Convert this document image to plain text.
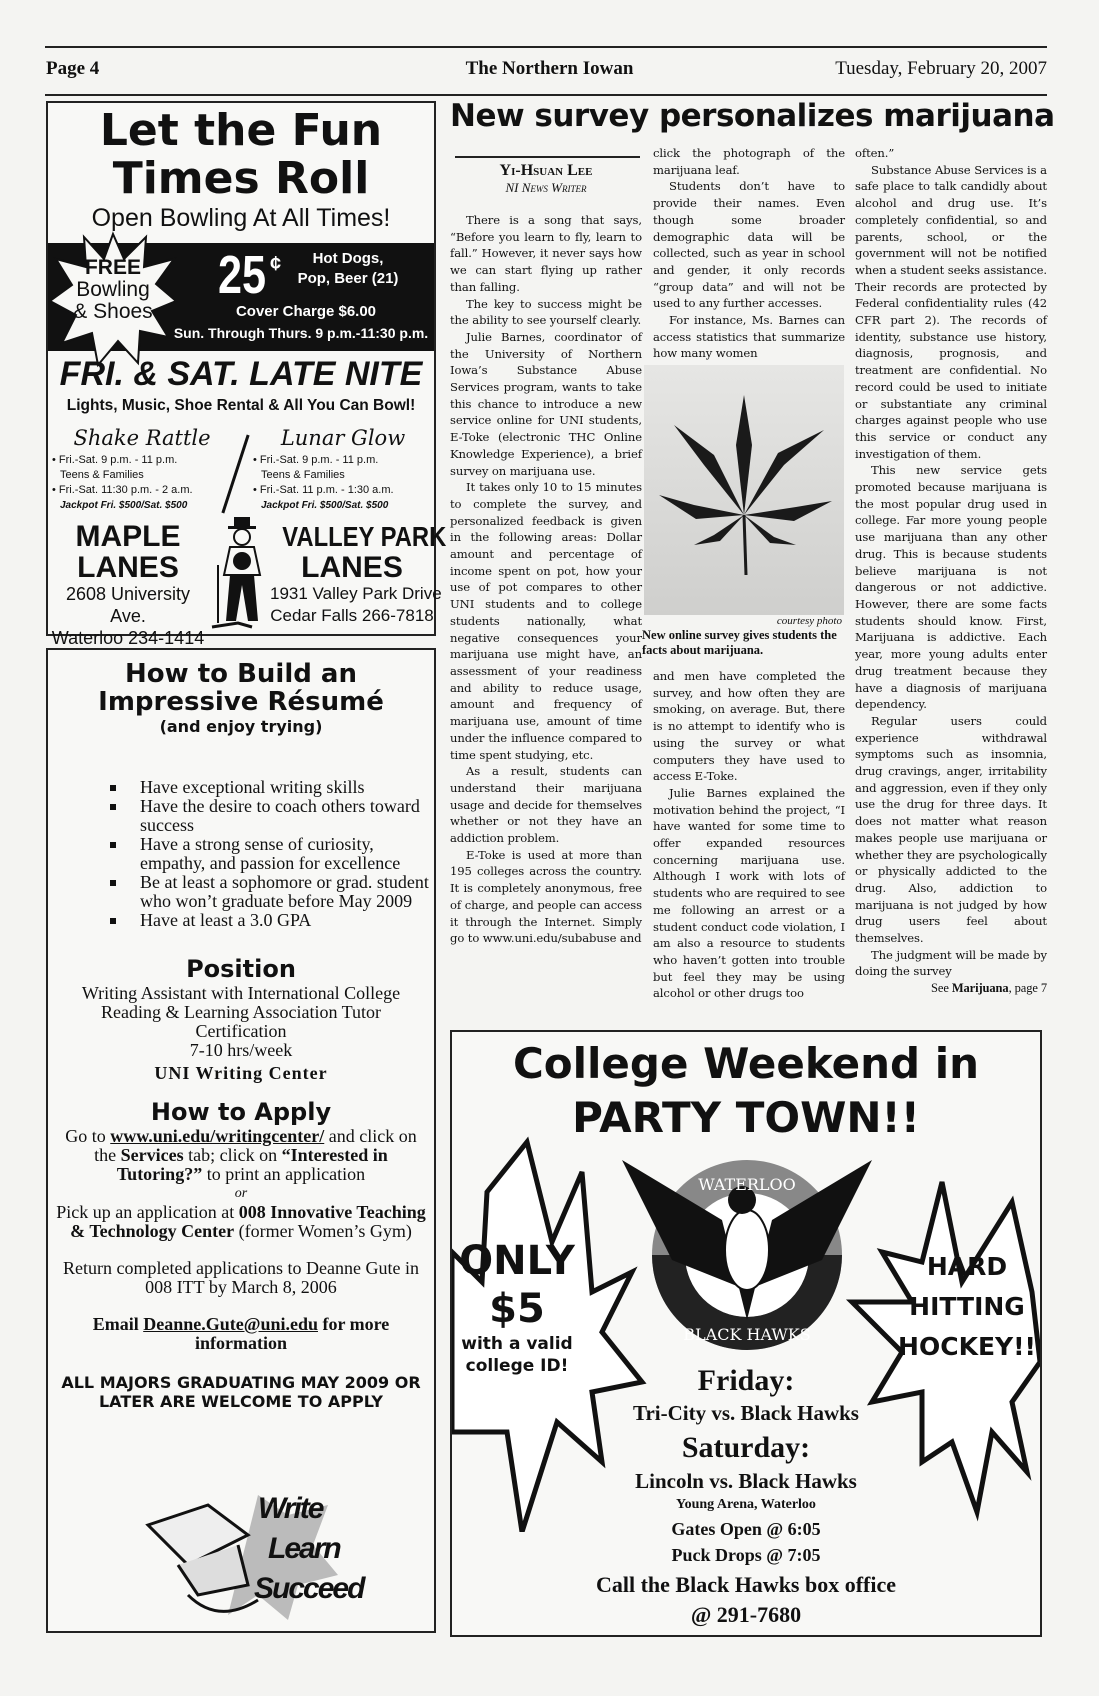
Page 4	The Northern Iowan	Tuesday, February 20, 2007
Let the Fun
Times Roll
Open Bowling At All Times!
FREE
Bowling
& Shoes
25 ¢	Hot Dogs,
Pop, Beer (21)
Cover Charge $6.00
Sun. Through Thurs. 9 p.m.-11:30 p.m.
FRI. & SAT. LATE NITE
Lights, Music, Shoe Rental & All You Can Bowl!
Shake Rattle
• Fri.-Sat. 9 p.m. - 11 p.m.
Teens & Families
• Fri.-Sat. 11:30 p.m. - 2 a.m.
Jackpot Fri. $500/Sat. $500
Lunar Glow
• Fri.-Sat. 9 p.m. - 11 p.m.
Teens & Families
• Fri.-Sat. 11 p.m. - 1:30 a.m.
Jackpot Fri. $500/Sat. $500
MAPLE
LANES
2608 University Ave.
Waterloo 234-1414
VALLEY PARK
LANES
1931 Valley Park Drive
Cedar Falls 266-7818
How to Build an
Impressive Résumé
(and enjoy trying)
Have exceptional writing skills
Have the desire to coach others toward success
Have a strong sense of curiosity, empathy, and passion for excellence
Be at least a sophomore or grad. student who won’t graduate before May 2009
Have at least a 3.0 GPA
Position
Writing Assistant with International College Reading & Learning Association Tutor Certification
7-10 hrs/week
UNI Writing Center
How to Apply
Go to www.uni.edu/writingcenter/ and click on the Services tab; click on “Interested in Tutoring?” to print an application
or
Pick up an application at 008 Innovative Teaching & Technology Center (former Women’s Gym)
Return completed applications to Deanne Gute in 008 ITT by March 8, 2006
Email Deanne.Gute@uni.edu for more information
ALL MAJORS GRADUATING MAY 2009 OR LATER ARE WELCOME TO APPLY
Write
Learn
Succeed
New survey personalizes marijuana
Yi-Hsuan Lee
NI News Writer

There is a song that says, “Before you learn to fly, learn to fall.” However, it never says how we can start flying up rather than falling.

The key to success might be the ability to see yourself clearly.

Julie Barnes, coordinator of the University of Northern Iowa’s Substance Abuse Services program, wants to take this chance to introduce a new service online for UNI students, E-Toke (electronic THC Online Knowledge Experience), a brief survey on marijuana use.

It takes only 10 to 15 minutes to complete the survey, and personalized feedback is given in the following areas: Dollar amount and percentage of income spent on pot, how your use of pot compares to other UNI students and to college students nationally, what negative consequences your marijuana use might have, an assessment of your readiness and ability to reduce usage, amount and frequency of marijuana use, amount of time under the influence compared to time spent studying, etc.

As a result, students can understand their marijuana usage and decide for themselves whether or not they have an addiction problem.

E-Toke is used at more than 195 colleges across the country. It is completely anonymous, free of charge, and people can access it through the Internet. Simply go to www.uni.edu/subabuse and

click the photograph of the marijuana leaf.

Students don’t have to provide their names. Even though some broader demographic data will be collected, such as year in school and gender, it only records “group data” and will not be used to any further accesses.

For instance, Ms. Barnes can access statistics that summarize how many women

courtesy photo
New online survey gives students the facts about marijuana.

and men have completed the survey, and how often they are smoking, on average. But, there is no attempt to identify who is using the survey or what computers they have used to access E-Toke.

Julie Barnes explained the motivation behind the project, “I have wanted for some time to offer expanded resources concerning marijuana use. Although I work with lots of students who are required to see me following an arrest or a student conduct code violation, I am also a resource to students who haven’t gotten into trouble but feel they may be using alcohol or other drugs too

often.”

Substance Abuse Services is a safe place to talk candidly about alcohol and drug use. It’s completely confidential, so and parents, school, or the government will not be notified when a student seeks assistance. Their records are protected by Federal confidentiality rules (42 CFR part 2). The records of identity, substance use history, diagnosis, prognosis, and treatment are confidential. No record could be used to initiate or substantiate any criminal charges against people who use this service or conduct any investigation of them.

This new service gets promoted because marijuana is the most popular drug used in college. Far more young people use marijuana than any other drug. This is because students believe marijuana is not dangerous or not addictive. However, there are some facts students should know. First, Marijuana is addictive. Each year, more young adults enter drug treatment because they have a diagnosis of marijuana dependency.

Regular users could experience withdrawal symptoms such as insomnia, drug cravings, anger, irritability and aggression, even if they only use the drug for three days. It does not matter what reason makes people use marijuana or whether they are psychologically or physically addicted to the drug. Also, addiction to marijuana is not judged by how drug users feel about themselves.

The judgment will be made by doing the survey

See Marijuana, page 7
College Weekend in
PARTY TOWN!!
WATERLOO
BLACK HAWKS
ONLY
$5
with a valid
college ID!
HARD
HITTING
HOCKEY!!
Friday:
Tri-City vs. Black Hawks
Saturday:
Lincoln vs. Black Hawks
Young Arena, Waterloo
Gates Open @ 6:05
Puck Drops @ 7:05
Call the Black Hawks box office
@ 291-7680
